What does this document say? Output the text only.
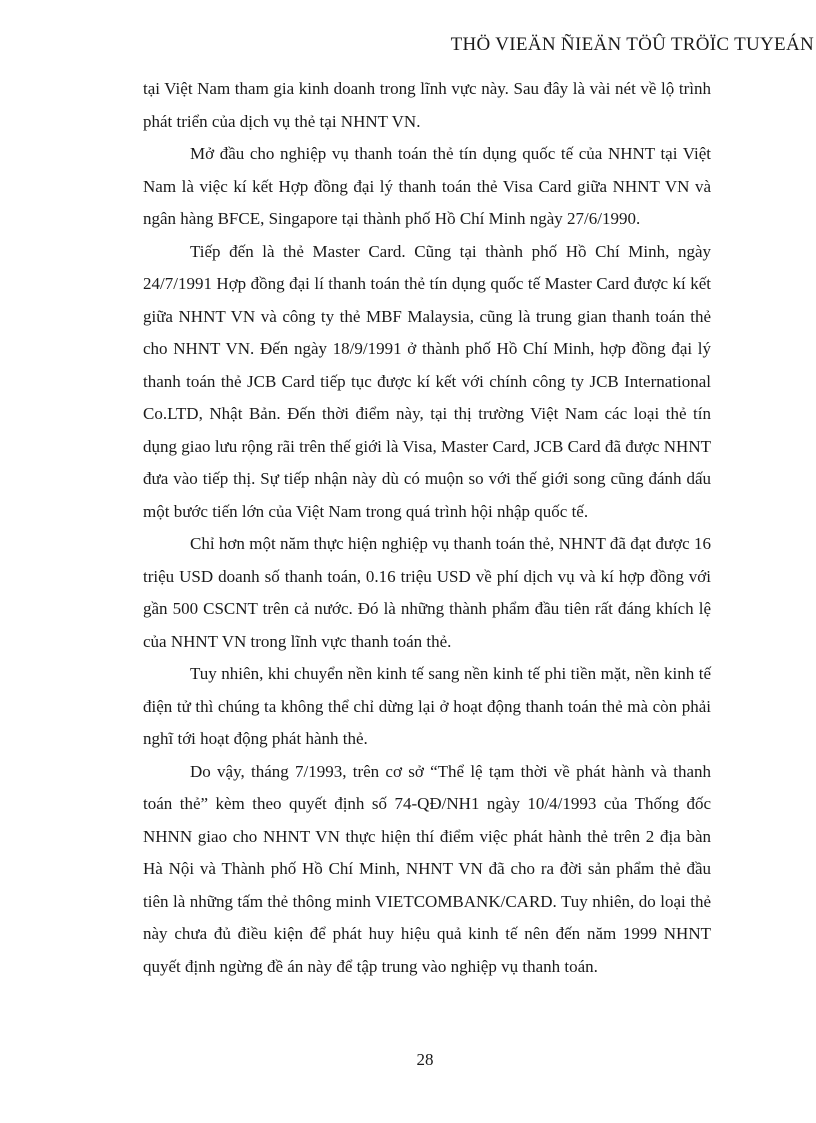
THÖ VIEÄN ÑIEÄN TÖÛ TRÖÏC TUYEÁN

tại Việt Nam tham gia kinh doanh trong lĩnh vực này. Sau đây là vài nét về lộ trình phát triển của dịch vụ thẻ tại NHNT VN.

Mở đầu cho nghiệp vụ thanh toán thẻ tín dụng quốc tế của NHNT tại Việt Nam là việc kí kết Hợp đồng đại lý thanh toán thẻ Visa Card giữa NHNT VN và ngân hàng BFCE, Singapore tại thành phố Hồ Chí Minh ngày 27/6/1990.

Tiếp đến là thẻ Master Card. Cũng tại thành phố Hồ Chí Minh, ngày 24/7/1991 Hợp đồng đại lí thanh toán thẻ tín dụng quốc tế Master Card được kí kết giữa NHNT VN và công ty thẻ MBF Malaysia, cũng là trung gian thanh toán thẻ cho NHNT VN. Đến ngày 18/9/1991 ở thành phố Hồ Chí Minh, hợp đồng đại lý thanh toán thẻ JCB Card tiếp tục được kí kết với chính công ty JCB International Co.LTD, Nhật Bản. Đến thời điểm này, tại thị trường Việt Nam các loại thẻ tín dụng giao lưu rộng rãi trên thế giới là Visa, Master Card, JCB Card đã được NHNT đưa vào tiếp thị. Sự tiếp nhận này dù có muộn so với thế giới song cũng đánh dấu một bước tiến lớn của Việt Nam trong quá trình hội nhập quốc tế.

Chỉ hơn một năm thực hiện nghiệp vụ thanh toán thẻ, NHNT đã đạt được 16 triệu USD doanh số thanh toán, 0.16 triệu USD về phí dịch vụ và kí hợp đồng với gần 500 CSCNT trên cả nước. Đó là những thành phẩm đầu tiên rất đáng khích lệ của NHNT VN trong lĩnh vực thanh toán thẻ.

Tuy nhiên, khi chuyển nền kinh tế sang nền kinh tế phi tiền mặt, nền kinh tế điện tử thì chúng ta không thể chỉ dừng lại ở hoạt động thanh toán thẻ mà còn phải nghĩ tới hoạt động phát hành thẻ.

Do vậy, tháng 7/1993, trên cơ sở “Thể lệ tạm thời về phát hành và thanh toán thẻ” kèm theo quyết định số 74-QĐ/NH1 ngày 10/4/1993 của Thống đốc NHNN giao cho NHNT VN thực hiện thí điểm việc phát hành thẻ trên 2 địa bàn Hà Nội và Thành phố Hồ Chí Minh, NHNT VN đã cho ra đời sản phẩm thẻ đầu tiên là những tấm thẻ thông minh VIETCOMBANK/CARD. Tuy nhiên, do loại thẻ này chưa đủ điều kiện để phát huy hiệu quả kinh tế nên đến năm 1999 NHNT quyết định ngừng đề án này để tập trung vào nghiệp vụ thanh toán.

28
